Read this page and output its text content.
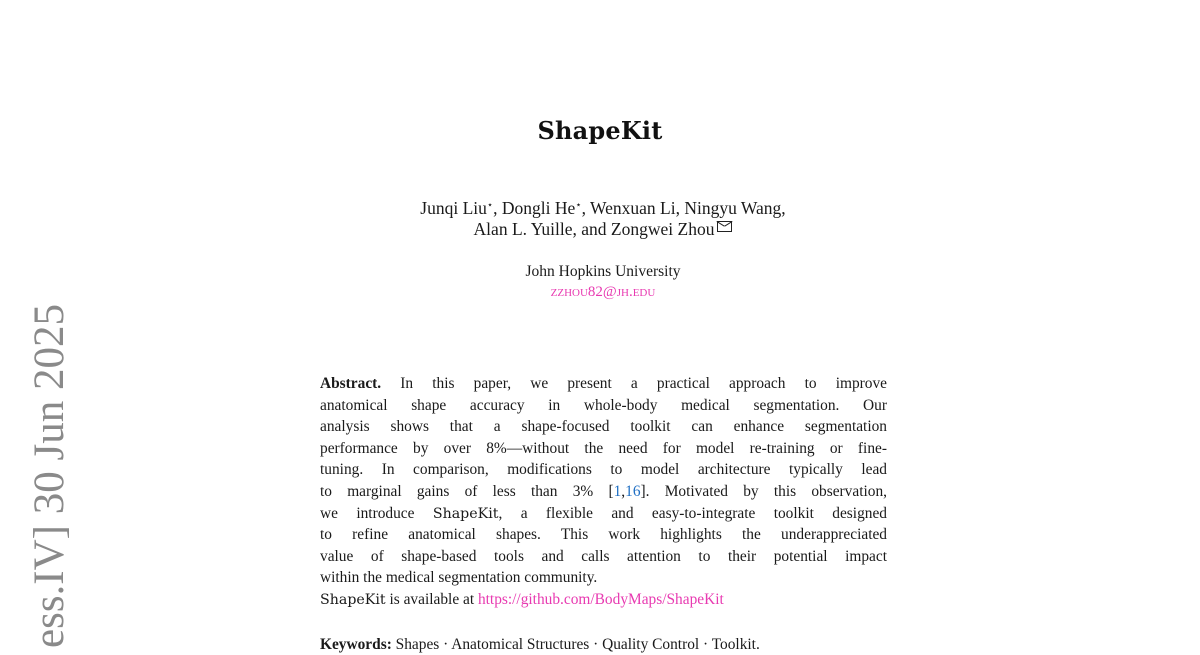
ess.IV] 30 Jun 2025
ShapeKit
Junqi Liu⋆, Dongli He⋆, Wenxuan Li, Ningyu Wang,
Alan L. Yuille, and Zongwei Zhou
John Hopkins University
zzhou82@jh.edu
Abstract. In this paper, we present a practical approach to improve
anatomical shape accuracy in whole-body medical segmentation. Our
analysis shows that a shape-focused toolkit can enhance segmentation
performance by over 8%—without the need for model re-training or fine-
tuning. In comparison, modifications to model architecture typically lead
to marginal gains of less than 3% [1,16]. Motivated by this observation,
we introduce ShapeKit, a flexible and easy-to-integrate toolkit designed
to refine anatomical shapes. This work highlights the underappreciated
value of shape-based tools and calls attention to their potential impact
within the medical segmentation community.
ShapeKit is available at https://github.com/BodyMaps/ShapeKit
Keywords: Shapes · Anatomical Structures · Quality Control · Toolkit.
